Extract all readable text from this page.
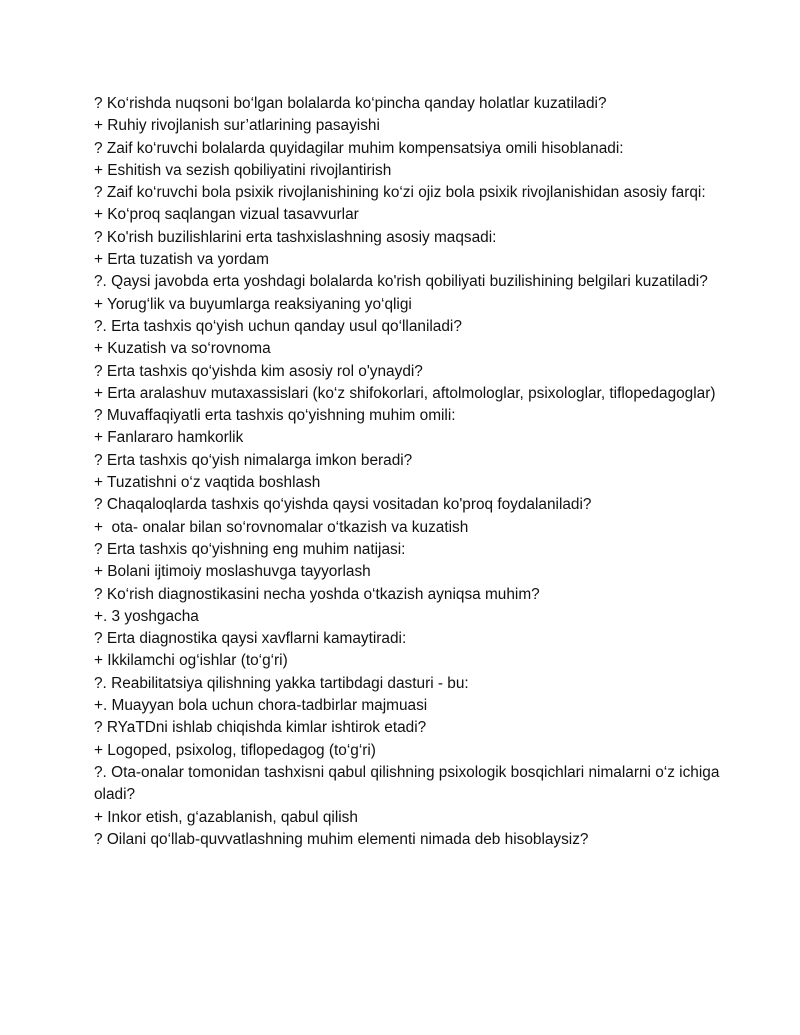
? Ko‘rishda nuqsoni bo‘lgan bolalarda ko‘pincha qanday holatlar kuzatiladi?
+ Ruhiy rivojlanish sur’atlarining pasayishi
? Zaif ko‘ruvchi bolalarda quyidagilar muhim kompensatsiya omili hisoblanadi:
+ Eshitish va sezish qobiliyatini rivojlantirish
? Zaif ko‘ruvchi bola psixik rivojlanishining ko‘zi ojiz bola psixik rivojlanishidan asosiy farqi:
+ Ko‘proq saqlangan vizual tasavvurlar
? Ko'rish buzilishlarini erta tashxislashning asosiy maqsadi:
+ Erta tuzatish va yordam
?. Qaysi javobda erta yoshdagi bolalarda ko'rish qobiliyati buzilishining belgilari kuzatiladi?
+ Yorug‘lik va buyumlarga reaksiyaning yo‘qligi
?. Erta tashxis qo‘yish uchun qanday usul qo‘llaniladi?
+ Kuzatish va so‘rovnoma
? Erta tashxis qo‘yishda kim asosiy rol o'ynaydi?
+ Erta aralashuv mutaxassislari (ko‘z shifokorlari, aftolmologlar, psixologlar, tiflopedagoglar)
? Muvaffaqiyatli erta tashxis qo‘yishning muhim omili:
+ Fanlararo hamkorlik
? Erta tashxis qo‘yish nimalarga imkon beradi?
+ Tuzatishni o‘z vaqtida boshlash
? Chaqaloqlarda tashxis qo‘yishda qaysi vositadan ko'proq foydalaniladi?
+  ota- onalar bilan so‘rovnomalar o‘tkazish va kuzatish
? Erta tashxis qo‘yishning eng muhim natijasi:
+ Bolani ijtimoiy moslashuvga tayyorlash
? Ko‘rish diagnostikasini necha yoshda o‘tkazish ayniqsa muhim?
+. 3 yoshgacha
? Erta diagnostika qaysi xavflarni kamaytiradi:
+ Ikkilamchi og‘ishlar (to‘g‘ri)
?. Reabilitatsiya qilishning yakka tartibdagi dasturi - bu:
+. Muayyan bola uchun chora-tadbirlar majmuasi
? RYaTDni ishlab chiqishda kimlar ishtirok etadi?
+ Logoped, psixolog, tiflopedagog (to‘g‘ri)
?. Ota-onalar tomonidan tashxisni qabul qilishning psixologik bosqichlari nimalarni o‘z ichiga oladi?
+ Inkor etish, g‘azablanish, qabul qilish
? Oilani qo‘llab-quvvatlashning muhim elementi nimada deb hisoblaysiz?
